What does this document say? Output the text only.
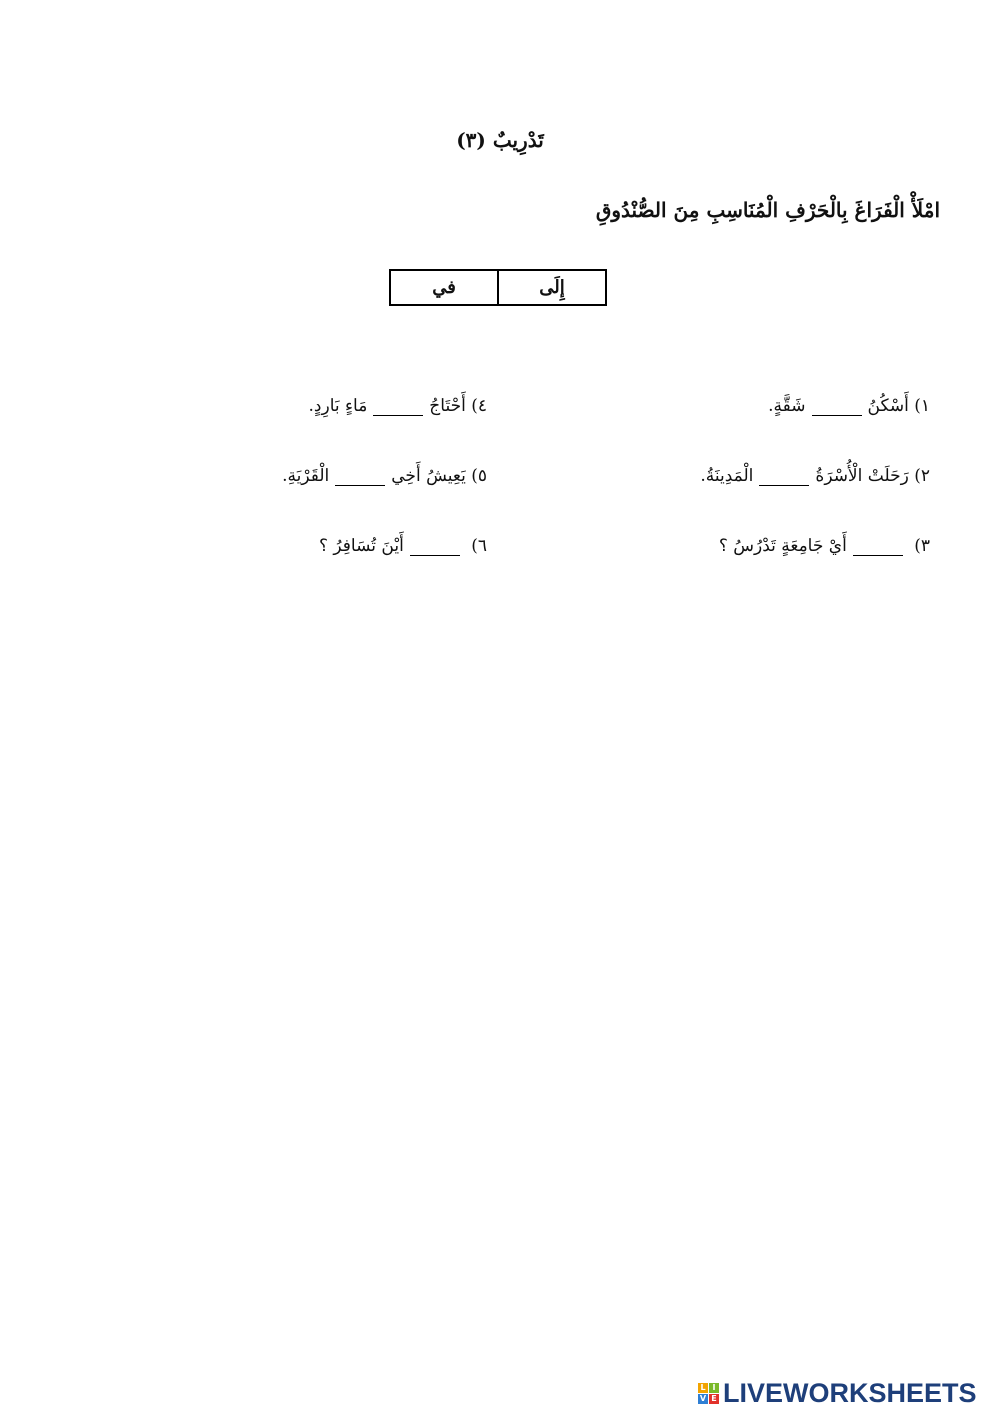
تَدْرِيبٌ (٣)
امْلَأْ الْفَرَاغَ بِالْحَرْفِ الْمُنَاسِبِ مِنَ الصُّنْدُوقِ
إِلَى
في
١) أَسْكُنُشَقَّةٍ.
٢) رَحَلَتْ الْأُسْرَةُالْمَدِينَةُ.
٣) أَيْ جَامِعَةٍ تَدْرُسُ ؟
٤) أَحْتَاجُمَاءٍ بَارِدٍ.
٥) يَعِيشُ أَخِيالْقَرْيَةِ.
٦) أَيْنَ تُسَافِرُ ؟
L I
V E LIVEWORKSHEETS
